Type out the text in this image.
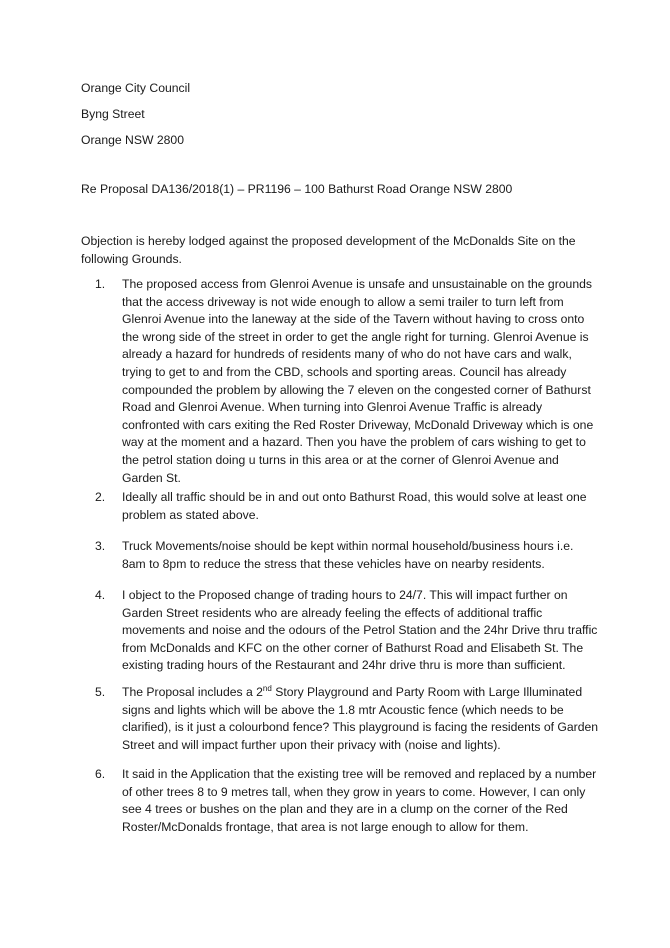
Orange City Council
Byng Street
Orange NSW 2800
Re Proposal DA136/2018(1) – PR1196 – 100 Bathurst Road Orange NSW 2800
Objection is hereby lodged against the proposed development of the McDonalds Site on the following Grounds.
1.	The proposed access from Glenroi Avenue is unsafe and unsustainable on the grounds that the access driveway is not wide enough to allow a semi trailer to turn left from Glenroi Avenue into the laneway at the side of the Tavern without having to cross onto the wrong side of the street in order to get the angle right for turning. Glenroi Avenue is already a hazard for hundreds of residents many of who do not have cars and walk, trying to get to and from the CBD, schools and sporting areas. Council has already compounded the problem by allowing the 7 eleven on the congested corner of Bathurst Road and Glenroi Avenue. When turning into Glenroi Avenue Traffic is already confronted with cars exiting the Red Roster Driveway, McDonald Driveway which is one way at the moment and a hazard. Then you have the problem of cars wishing to get to the petrol station doing u turns in this area or at the corner of Glenroi Avenue and Garden St.
2.	Ideally all traffic should be in and out onto Bathurst Road, this would solve at least one problem as stated above.
3.	Truck Movements/noise should be kept within normal household/business hours i.e. 8am to 8pm to reduce the stress that these vehicles have on nearby residents.
4.	I object to the Proposed change of trading hours to 24/7. This will impact further on Garden Street residents who are already feeling the effects of additional traffic movements and noise and the odours of the Petrol Station and the 24hr Drive thru traffic from McDonalds and KFC on the other corner of Bathurst Road and Elisabeth St. The existing trading hours of the Restaurant and 24hr drive thru is more than sufficient.
5.	The Proposal includes a 2nd Story Playground and Party Room with Large Illuminated signs and lights which will be above the 1.8 mtr Acoustic fence (which needs to be clarified), is it just a colourbond fence? This playground is facing the residents of Garden Street and will impact further upon their privacy with (noise and lights).
6.	It said in the Application that the existing tree will be removed and replaced by a number of other trees 8 to 9 metres tall, when they grow in years to come. However, I can only see 4 trees or bushes on the plan and they are in a clump on the corner of the Red Roster/McDonalds frontage, that area is not large enough to allow for them.
